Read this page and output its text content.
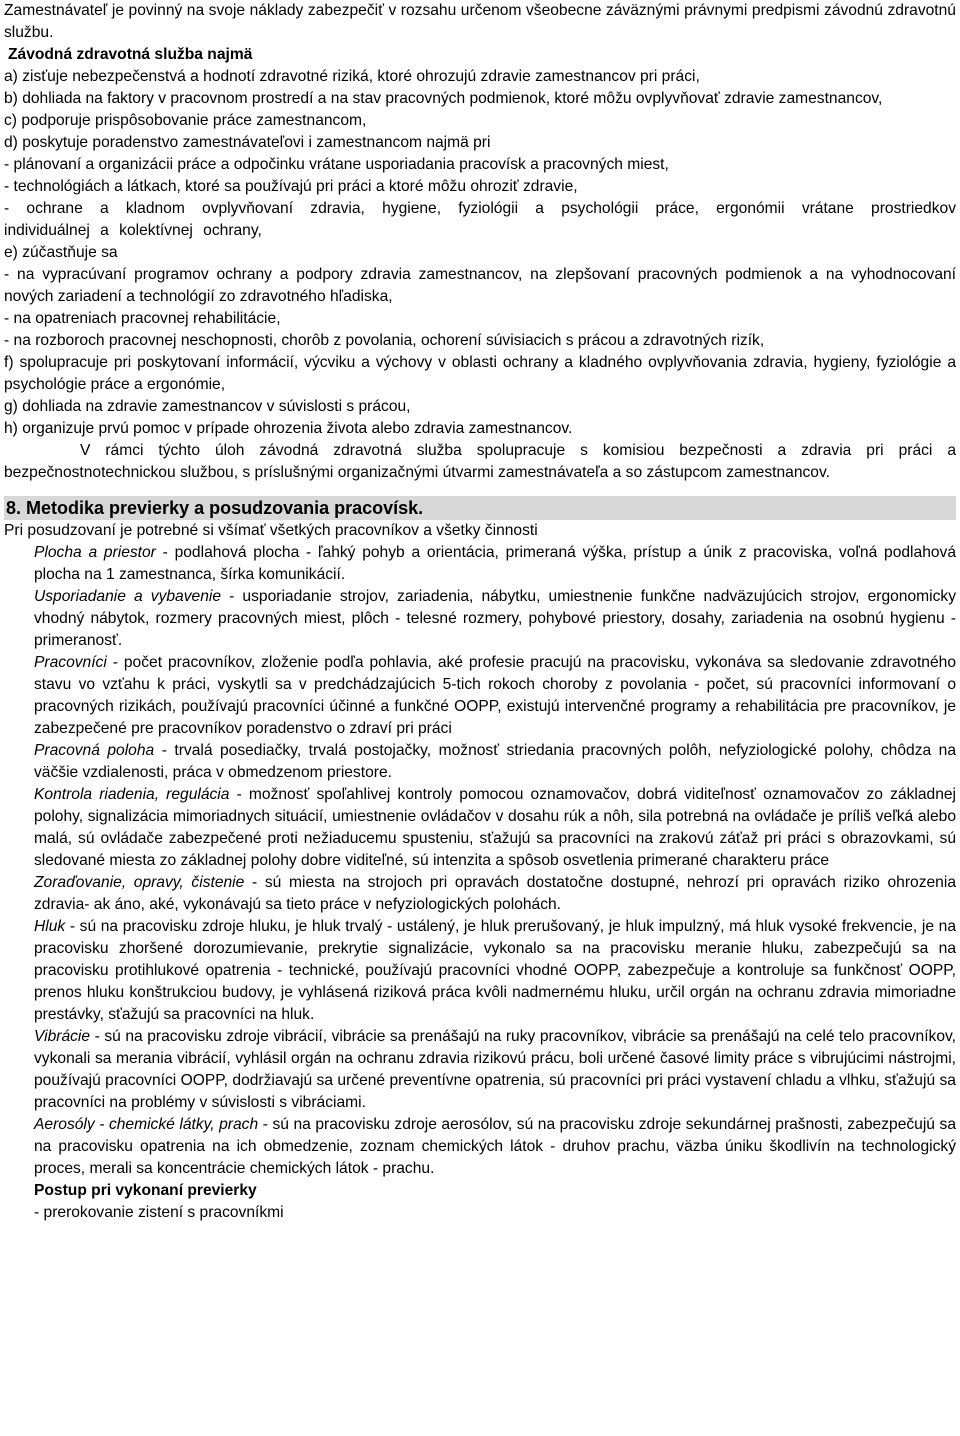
Zamestnávateľ je povinný na svoje náklady zabezpečiť v rozsahu určenom všeobecne záväznými právnymi predpismi závodnú zdravotnú službu.

Závodná zdravotná služba najmä

a) zisťuje nebezpečenstvá a hodnotí zdravotné riziká, ktoré ohrozujú zdravie zamestnancov pri práci,

b) dohliada na faktory v pracovnom prostredí a na stav pracovných podmienok, ktoré môžu ovplyvňovať zdravie zamestnancov,

c) podporuje prispôsobovanie práce zamestnancom,

d) poskytuje poradenstvo zamestnávateľovi i zamestnancom najmä pri

- plánovaní a organizácii práce a odpočinku vrátane usporiadania pracovísk a pracovných miest,

- technológiách a látkach, ktoré sa používajú pri práci a ktoré môžu ohroziť zdravie,

- ochrane a kladnom ovplyvňovaní zdravia, hygiene, fyziológii a psychológii práce, ergonómii vrátane prostriedkov individuálnej a kolektívnej ochrany,

e) zúčastňuje sa

- na vypracúvaní programov ochrany a podpory zdravia zamestnancov, na zlepšovaní pracovných podmienok a na vyhodnocovaní nových zariadení a technológií zo zdravotného hľadiska,

- na opatreniach pracovnej rehabilitácie,

- na rozboroch pracovnej neschopnosti, chorôb z povolania, ochorení súvisiacich s prácou a zdravotných rizík,

f) spolupracuje pri poskytovaní informácií, výcviku a výchovy v oblasti ochrany a kladného ovplyvňovania zdravia, hygieny, fyziológie a psychológie práce a ergonómie,

g) dohliada na zdravie zamestnancov v súvislosti s prácou,

h) organizuje prvú pomoc v prípade ohrozenia života alebo zdravia zamestnancov.

V rámci týchto úloh závodná zdravotná služba spolupracuje s komisiou bezpečnosti a zdravia pri práci a bezpečnostnotechnickou službou, s príslušnými organizačnými útvarmi zamestnávateľa a so zástupcom zamestnancov.

8. Metodika previerky a posudzovania pracovísk.

Pri posudzovaní je potrebné si všímať všetkých pracovníkov a všetky činnosti

Plocha a priestor - podlahová plocha - ľahký pohyb a orientácia, primeraná výška, prístup a únik z pracoviska, voľná podlahová plocha na 1 zamestnanca, šírka komunikácií.

Usporiadanie a vybavenie - usporiadanie strojov, zariadenia, nábytku, umiestnenie funkčne nadväzujúcich strojov, ergonomicky vhodný nábytok, rozmery pracovných miest, plôch - telesné rozmery, pohybové priestory, dosahy, zariadenia na osobnú hygienu - primeranosť.

Pracovníci - počet pracovníkov, zloženie podľa pohlavia, aké profesie pracujú na pracovisku, vykonáva sa sledovanie zdravotného stavu vo vzťahu k práci, vyskytli sa v predchádzajúcich 5-tich rokoch choroby z povolania - počet, sú pracovníci informovaní o pracovných rizikách, používajú pracovníci účinné a funkčné OOPP, existujú intervenčné programy a rehabilitácia pre pracovníkov, je zabezpečené pre pracovníkov poradenstvo o zdraví pri práci

Pracovná poloha - trvalá posediačky, trvalá postojačky, možnosť striedania pracovných polôh, nefyziologické polohy, chôdza na väčšie vzdialenosti, práca v obmedzenom priestore.

Kontrola riadenia, regulácia - možnosť spoľahlivej kontroly pomocou oznamovačov, dobrá viditeľnosť oznamovačov zo základnej polohy, signalizácia mimoriadnych situácií, umiestnenie ovládačov v dosahu rúk a nôh, sila potrebná na ovládače je príliš veľká alebo malá, sú ovládače zabezpečené proti nežiaducemu spusteniu, sťažujú sa pracovníci na zrakovú záťaž pri práci s obrazovkami, sú sledované miesta zo základnej polohy dobre viditeľné, sú intenzita a spôsob osvetlenia primerané charakteru práce

Zoraďovanie, opravy, čistenie - sú miesta na strojoch pri opravách dostatočne dostupné, nehrozí pri opravách riziko ohrozenia zdravia- ak áno, aké, vykonávajú sa tieto práce v nefyziologických polohách.

Hluk - sú na pracovisku zdroje hluku, je hluk trvalý - ustálený, je hluk prerušovaný, je hluk impulzný, má hluk vysoké frekvencie, je na pracovisku zhoršené dorozumievanie, prekrytie signalizácie, vykonalo sa na pracovisku meranie hluku, zabezpečujú sa na pracovisku protihlukové opatrenia - technické, používajú pracovníci vhodné OOPP, zabezpečuje a kontroluje sa funkčnosť OOPP, prenos hluku konštrukciou budovy, je vyhlásená riziková práca kvôli nadmernému hluku, určil orgán na ochranu zdravia mimoriadne prestávky, sťažujú sa pracovníci na hluk.

Vibrácie - sú na pracovisku zdroje vibrácií, vibrácie sa prenášajú na ruky pracovníkov, vibrácie sa prenášajú na celé telo pracovníkov, vykonali sa merania vibrácií, vyhlásil orgán na ochranu zdravia rizikovú prácu, boli určené časové limity práce s vibrujúcimi nástrojmi, používajú pracovníci OOPP, dodržiavajú sa určené preventívne opatrenia, sú pracovníci pri práci vystavení chladu a vlhku, sťažujú sa pracovníci na problémy v súvislosti s vibráciami.

Aerosóly - chemické látky, prach - sú na pracovisku zdroje aerosólov, sú na pracovisku zdroje sekundárnej prašnosti, zabezpečujú sa na pracovisku opatrenia na ich obmedzenie, zoznam chemických látok - druhov prachu, väzba úniku škodlivín na technologický proces, merali sa koncentrácie chemických látok - prachu.

Postup pri vykonaní previerky

- prerokovanie zistení s pracovníkmi
